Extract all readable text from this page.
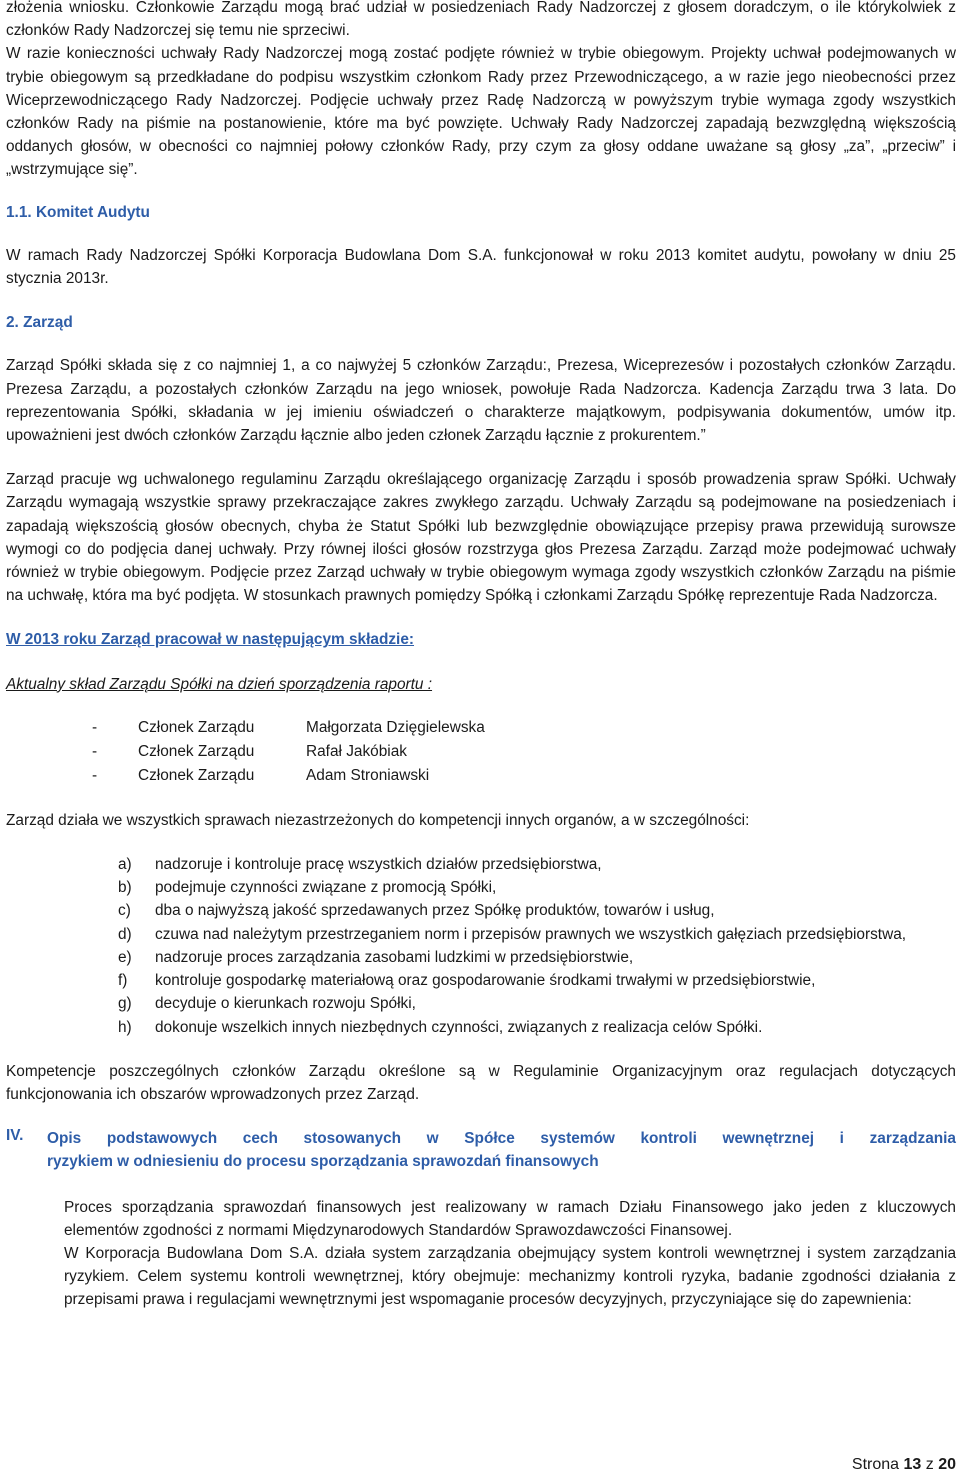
złożenia wniosku. Członkowie Zarządu mogą brać udział w posiedzeniach Rady Nadzorczej z głosem doradczym, o ile którykolwiek z członków Rady Nadzorczej się temu nie sprzeciwi.

W razie konieczności uchwały Rady Nadzorczej mogą zostać podjęte również w trybie obiegowym. Projekty uchwał podejmowanych w trybie obiegowym są przedkładane do podpisu wszystkim członkom Rady przez Przewodniczącego, a w razie jego nieobecności przez Wiceprzewodniczącego Rady Nadzorczej. Podjęcie uchwały przez Radę Nadzorczą w powyższym trybie wymaga zgody wszystkich członków Rady na piśmie na postanowienie, które ma być powzięte. Uchwały Rady Nadzorczej zapadają bezwzględną większością oddanych głosów, w obecności co najmniej połowy członków Rady, przy czym za głosy oddane uważane są głosy „za”, „przeciw” i „wstrzymujące się”.

1.1. Komitet Audytu

W ramach Rady Nadzorczej Spółki Korporacja Budowlana Dom S.A. funkcjonował w roku 2013 komitet audytu, powołany w dniu 25 stycznia 2013r.

2. Zarząd

Zarząd Spółki składa się z co najmniej 1, a co najwyżej 5 członków Zarządu:, Prezesa, Wiceprezesów i pozostałych członków Zarządu. Prezesa Zarządu, a pozostałych członków Zarządu na jego wniosek, powołuje Rada Nadzorcza. Kadencja Zarządu trwa 3 lata. Do reprezentowania Spółki, składania w jej imieniu oświadczeń o charakterze majątkowym, podpisywania dokumentów, umów itp. upoważnieni jest dwóch członków Zarządu łącznie albo jeden członek Zarządu łącznie z prokurentem.”

Zarząd pracuje wg uchwalonego regulaminu Zarządu określającego organizację Zarządu i sposób prowadzenia spraw Spółki. Uchwały Zarządu wymagają wszystkie sprawy przekraczające zakres zwykłego zarządu. Uchwały Zarządu są podejmowane na posiedzeniach i zapadają większością głosów obecnych, chyba że Statut Spółki lub bezwzględnie obowiązujące przepisy prawa przewidują surowsze wymogi co do podjęcia danej uchwały. Przy równej ilości głosów rozstrzyga głos Prezesa Zarządu. Zarząd może podejmować uchwały również w trybie obiegowym. Podjęcie przez Zarząd uchwały w trybie obiegowym wymaga zgody wszystkich członków Zarządu na piśmie na uchwałę, która ma być podjęta. W stosunkach prawnych pomiędzy Spółką i członkami Zarządu Spółkę reprezentuje Rada Nadzorcza.

W 2013 roku Zarząd pracował w następującym składzie:

Aktualny skład Zarządu Spółki na dzień sporządzenia raportu :

-	Członek Zarządu	Małgorzata Dzięgielewska
-	Członek Zarządu	Rafał Jakóbiak
-	Członek Zarządu	Adam Stroniawski

Zarząd działa we wszystkich sprawach niezastrzeżonych do kompetencji innych organów, a w szczególności:

a) nadzoruje i kontroluje pracę wszystkich działów przedsiębiorstwa,
b) podejmuje czynności związane z promocją Spółki,
c) dba o najwyższą jakość sprzedawanych przez Spółkę produktów, towarów i usług,
d) czuwa nad należytym przestrzeganiem norm i przepisów prawnych we wszystkich gałęziach przedsiębiorstwa,
e) nadzoruje proces zarządzania zasobami ludzkimi w przedsiębiorstwie,
f) kontroluje gospodarkę materiałową oraz gospodarowanie środkami trwałymi w przedsiębiorstwie,
g) decyduje o kierunkach rozwoju Spółki,
h) dokonuje wszelkich innych niezbędnych czynności, związanych z realizacja celów Spółki.

Kompetencje poszczególnych członków Zarządu określone są w Regulaminie Organizacyjnym oraz regulacjach dotyczących funkcjonowania ich obszarów wprowadzonych przez Zarząd.

IV. Opis podstawowych cech stosowanych w Spółce systemów kontroli wewnętrznej i zarządzania

ryzykiem w odniesieniu do procesu sporządzania sprawozdań finansowych

Proces sporządzania sprawozdań finansowych jest realizowany w ramach Działu Finansowego jako jeden z kluczowych elementów zgodności z normami Międzynarodowych Standardów Sprawozdawczości Finansowej.

W Korporacja Budowlana Dom S.A. działa system zarządzania obejmujący system kontroli wewnętrznej i system zarządzania ryzykiem. Celem systemu kontroli wewnętrznej, który obejmuje: mechanizmy kontroli ryzyka, badanie zgodności działania z przepisami prawa i regulacjami wewnętrznymi jest wspomaganie procesów decyzyjnych, przyczyniające się do zapewnienia:

Strona 13 z 20
